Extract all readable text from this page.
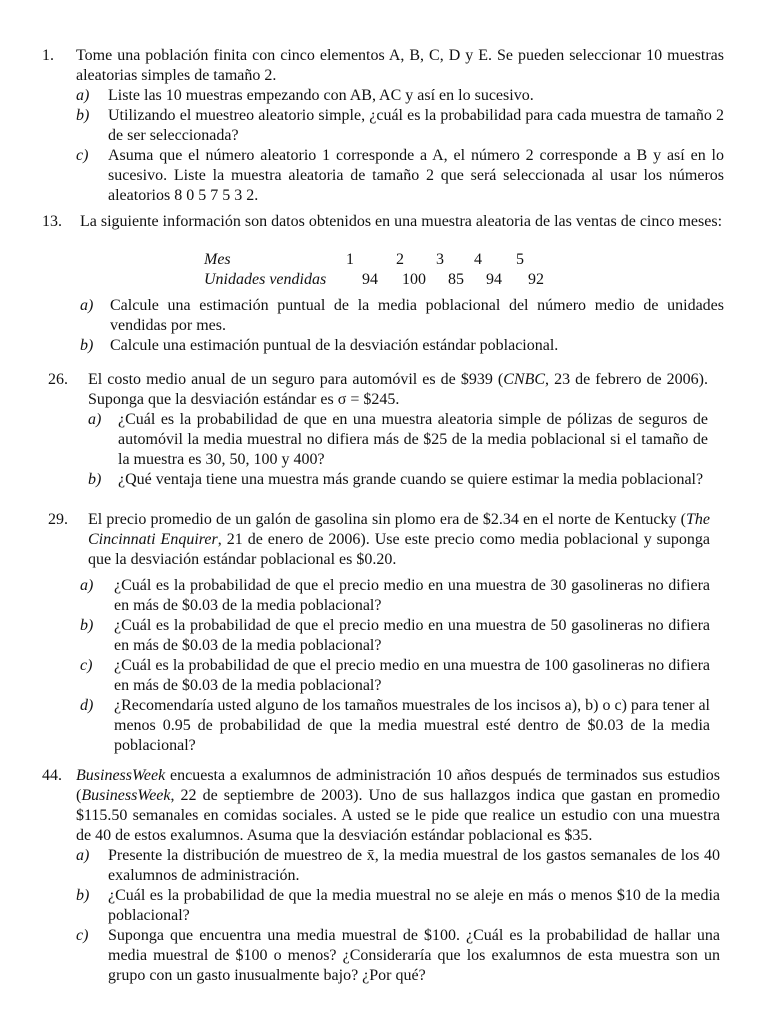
1. Tome una población finita con cinco elementos A, B, C, D y E. Se pueden seleccionar 10 muestras aleatorias simples de tamaño 2.
a) Liste las 10 muestras empezando con AB, AC y así en lo sucesivo.
b) Utilizando el muestreo aleatorio simple, ¿cuál es la probabilidad para cada muestra de tamaño 2 de ser seleccionada?
c) Asuma que el número aleatorio 1 corresponde a A, el número 2 corresponde a B y así en lo sucesivo. Liste la muestra aleatoria de tamaño 2 que será seleccionada al usar los números aleatorios 8 0 5 7 5 3 2.
13. La siguiente información son datos obtenidos en una muestra aleatoria de las ventas de cinco meses:
Mes	1	2	3	4	5
Unidades vendidas	94	100	85	94	92
a) Calcule una estimación puntual de la media poblacional del número medio de unidades vendidas por mes.
b) Calcule una estimación puntual de la desviación estándar poblacional.
26. El costo medio anual de un seguro para automóvil es de $939 (CNBC, 23 de febrero de 2006). Suponga que la desviación estándar es σ = $245.
a) ¿Cuál es la probabilidad de que en una muestra aleatoria simple de pólizas de seguros de automóvil la media muestral no difiera más de $25 de la media poblacional si el tamaño de la muestra es 30, 50, 100 y 400?
b) ¿Qué ventaja tiene una muestra más grande cuando se quiere estimar la media poblacional?
29. El precio promedio de un galón de gasolina sin plomo era de $2.34 en el norte de Kentucky (The Cincinnati Enquirer, 21 de enero de 2006). Use este precio como media poblacional y suponga que la desviación estándar poblacional es $0.20.
a) ¿Cuál es la probabilidad de que el precio medio en una muestra de 30 gasolineras no difiera en más de $0.03 de la media poblacional?
b) ¿Cuál es la probabilidad de que el precio medio en una muestra de 50 gasolineras no difiera en más de $0.03 de la media poblacional?
c) ¿Cuál es la probabilidad de que el precio medio en una muestra de 100 gasolineras no difiera en más de $0.03 de la media poblacional?
d) ¿Recomendaría usted alguno de los tamaños muestrales de los incisos a), b) o c) para tener al menos 0.95 de probabilidad de que la media muestral esté dentro de $0.03 de la media poblacional?
44. BusinessWeek encuesta a exalumnos de administración 10 años después de terminados sus estudios (BusinessWeek, 22 de septiembre de 2003). Uno de sus hallazgos indica que gastan en promedio $115.50 semanales en comidas sociales. A usted se le pide que realice un estudio con una muestra de 40 de estos exalumnos. Asuma que la desviación estándar poblacional es $35.
a) Presente la distribución de muestreo de x̄, la media muestral de los gastos semanales de los 40 exalumnos de administración.
b) ¿Cuál es la probabilidad de que la media muestral no se aleje en más o menos $10 de la media poblacional?
c) Suponga que encuentra una media muestral de $100. ¿Cuál es la probabilidad de hallar una media muestral de $100 o menos? ¿Consideraría que los exalumnos de esta muestra son un grupo con un gasto inusualmente bajo? ¿Por qué?
